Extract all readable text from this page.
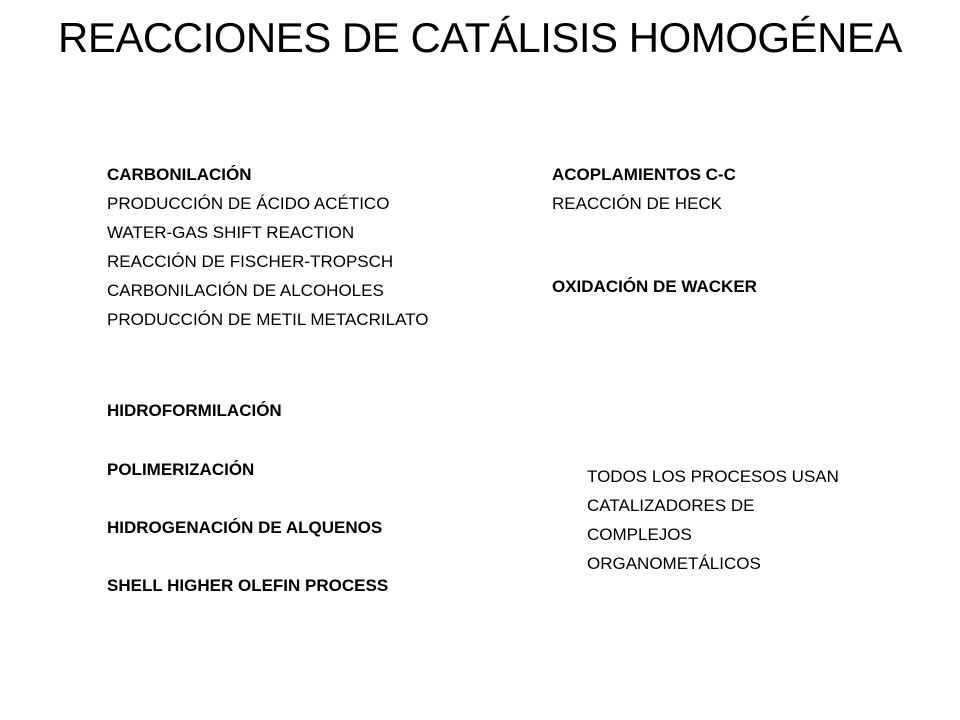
REACCIONES DE CATÁLISIS HOMOGÉNEA
CARBONILACIÓN
PRODUCCIÓN DE ÁCIDO ACÉTICO
WATER-GAS SHIFT REACTION
REACCIÓN DE FISCHER-TROPSCH
CARBONILACIÓN DE ALCOHOLES
PRODUCCIÓN DE METIL METACRILATO
ACOPLAMIENTOS C-C
REACCIÓN DE HECK
OXIDACIÓN DE WACKER
HIDROFORMILACIÓN
POLIMERIZACIÓN
HIDROGENACIÓN DE ALQUENOS
SHELL HIGHER OLEFIN PROCESS
TODOS LOS PROCESOS USAN
CATALIZADORES DE
COMPLEJOS
ORGANOMETÁLICOS
